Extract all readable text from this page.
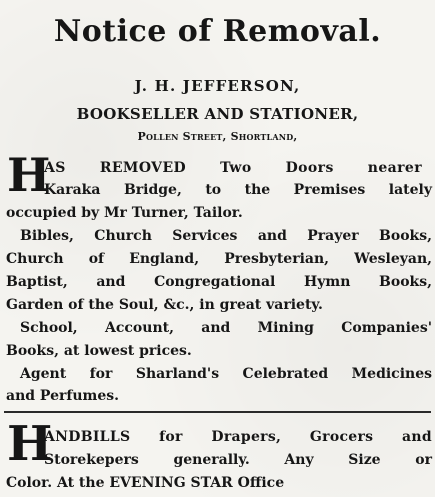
Notice of Removal.
J. H. JEFFERSON,
BOOKSELLER AND STATIONER,
Pollen Street, Shortland,
H
AS REMOVED Two Doors nearer
Karaka Bridge, to the Premises lately
occupied by Mr Turner, Tailor.
Bibles, Church Services and Prayer Books,
Church of England, Presbyterian, Wesleyan,
Baptist, and Congregational Hymn Books,
Garden of the Soul, &c., in great variety.
School, Account, and Mining Companies'
Books, at lowest prices.
Agent for Sharland's Celebrated Medicines
and Perfumes.
H
ANDBILLS for Drapers, Grocers and
Storekepers generally. Any Size or
Color. At the EVENING STAR Office
